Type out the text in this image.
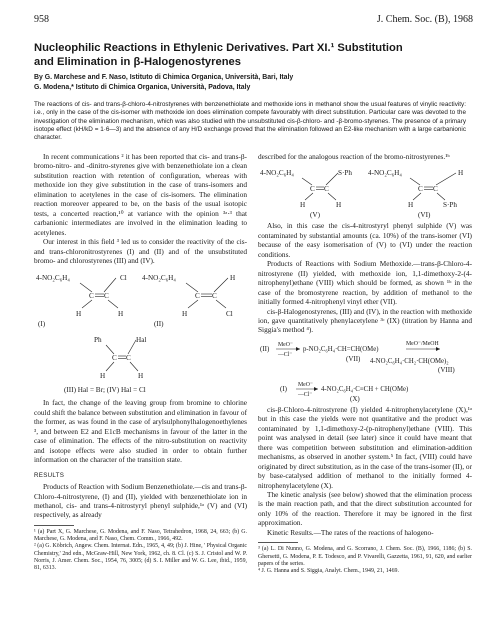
958	J. Chem. Soc. (B), 1968
Nucleophilic Reactions in Ethylenic Derivatives. Part XI.¹ Substitution
and Elimination in β-Halogenostyrenes
By G. Marchese and F. Naso, Istituto di Chimica Organica, Università, Bari, Italy
G. Modena,* Istituto di Chimica Organica, Università, Padova, Italy
The reactions of cis- and trans-β-chloro-4-nitrostyrenes with benzenethiolate and methoxide ions in methanol show the usual features of vinylic reactivity: i.e., only in the case of the cis-isomer with methoxide ion does elimination compete favourably with direct substitution. Particular care was devoted to the investigation of the elimination mechanism, which was also studied with the unsubstituted cis-β-chloro- and -β-bromo-styrenes. The presence of a primary isotope effect (kH/kD = 1·6—3) and the absence of any H/D exchange proved that the elimination followed an E2-like mechanism with a large carbanionic character.

In recent communications ² it has been reported that cis- and trans-β-bromo-nitro- and -dinitro-styrenes give with benzenethiolate ion a clean substitution reaction with retention of configuration, whereas with methoxide ion they give substitution in the case of trans-isomers and elimination to acetylenes in the case of cis-isomers. The elimination reaction moreover appeared to be, on the basis of the usual isotopic tests, a concerted reaction,¹⁰ at variance with the opinion ³ᵃ·³ that carbanionic intermediates are involved in the elimination leading to acetylenes.

Our interest in this field ³ led us to consider the reactivity of the cis- and trans-chloronitrostyrenes (I) and (II) and of the unsubstituted bromo- and chlorostyrenes (III) and (IV).

4-NO₂C₆H₄	Cl
C C
H	H
(I)
4-NO₂C₆H₄	H
C C
H	Cl
(II)
Ph	Hal
C C
H	H
(III) Hal = Br; (IV) Hal = Cl

In fact, the change of the leaving group from bromine to chlorine could shift the balance between substitution and elimination in favour of the former, as was found in the case of arylsulphonylhalogenoethylenes ³, and between E2 and E1cB mechanisms in favour of the latter in the case of elimination. The effects of the nitro-substitution on reactivity and isotope effects were also studied in order to obtain further information on the character of the transition state.

RESULTS

Products of Reaction with Sodium Benzenethiolate.—cis and trans-β-Chloro-4-nitrostyrene, (I) and (II), yielded with benzenethiolate ion in methanol, cis- and trans-4-nitrostyryl phenyl sulphide,¹ᵃ (V) and (VI) respectively, as already

¹ (a) Part X, G. Marchese, G. Modena, and F. Naso, Tetrahedron, 1968, 24, 663; (b) G. Marchese, G. Modena, and F. Naso, Chem. Comm., 1966, 492.
² (a) G. Köbrich, Angew. Chem. Internat. Edn., 1965, 4, 49; (b) J. Hine, ' Physical Organic Chemistry,' 2nd edn., McGraw-Hill, New York, 1962, ch. 8. Cl. (c) S. J. Cristol and W. P. Norris, J. Amer. Chem. Soc., 1954, 76, 3005; (d) S. I. Miller and W. G. Lee, ibid., 1959, 81, 6313.

described for the analogous reaction of the bromo-nitrostyrenes.¹ᵇ

4-NO₂C₆H₄	S·Ph
C C
H	H
(V)
4-NO₂C₆H₄	H
C C
H	S·Ph
(VI)

Also, in this case the cis-4-nitrostyryl phenyl sulphide (V) was contaminated by substantial amounts (ca. 10%) of the trans-isomer (VI) because of the easy isomerisation of (V) to (VI) under the reaction conditions.

Products of Reactions with Sodium Methoxide.—trans-β-Chloro-4-nitrostyrene (II) yielded, with methoxide ion, 1,1-dimethoxy-2-(4-nitrophenyl)ethane (VIII) which should be formed, as shown ¹ᵇ in the case of the bromostyrene reaction, by addition of methanol to the initially formed 4-nitrophenyl vinyl ether (VII).

cis-β-Halogenostyrenes, (III) and (IV), in the reaction with methoxide ion, gave quantitatively phenylacetylene ³ᶜ (IX) (titration by Hanna and Siggia's method ⁴).

(II) MeO⁻
—Cl⁻
p-NO₂C₆H₄·CH=CH(OMe)
MeO⁻/MeOH
(VII) 4-NO₂C₆H₄·CH₂·CH(OMe)₂
(VIII)
(I) MeO⁻
—Cl⁻
4-NO₂C₆H₄·C≡CH + CH(OMe)
(X)

cis-β-Chloro-4-nitrostyrene (I) yielded 4-nitrophenylacetylene (X),¹ᵃ but in this case the yields were not quantitative and the product was contaminated by 1,1-dimethoxy-2-(p-nitrophenyl)ethane (VIII). This point was analysed in detail (see later) since it could have meant that there was competition between substitution and elimination-addition mechanisms, as observed in another system.⁵ In fact, (VIII) could have originated by direct substitution, as in the case of the trans-isomer (II), or by base-catalysed addition of methanol to the initially formed 4-nitrophenylacetylene (X).

The kinetic analysis (see below) showed that the elimination process is the main reaction path, and that the direct substitution accounted for only 10% of the reaction. Therefore it may be ignored in the first approximation.

Kinetic Results.—The rates of the reactions of halogeno-

³ (a) L. Di Nunno, G. Modena, and G. Scorrano, J. Chem. Soc. (B), 1966, 1186; (b) S. Ghersetti, G. Modena, P. E. Todesco, and P. Vivarelli, Gazzetta, 1961, 91, 620, and earlier papers of the series.
⁴ J. G. Hanna and S. Siggia, Analyt. Chem., 1949, 21, 1469.
